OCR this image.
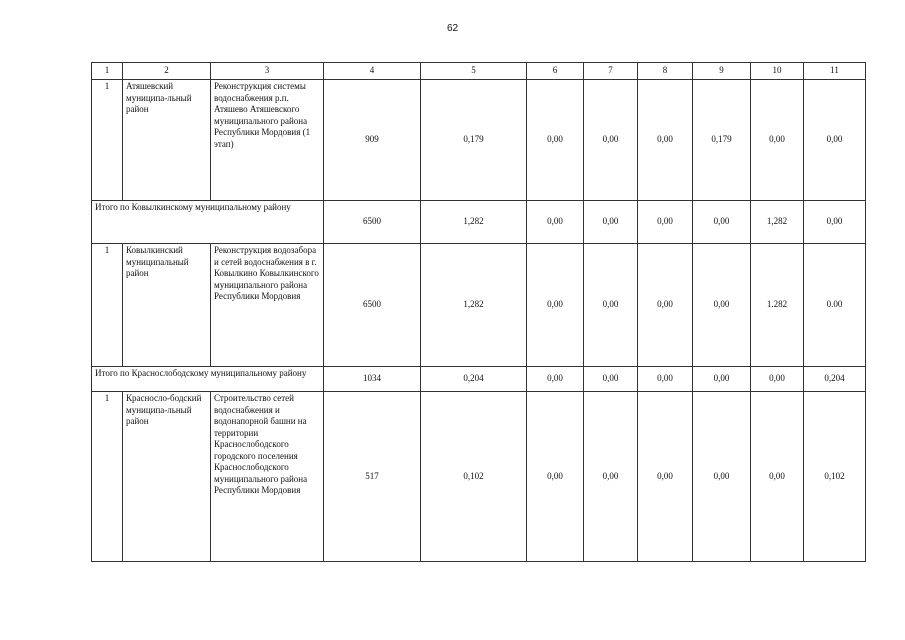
62
1	2	3	4	5	6	7	8	9	10	11
1	Атяшевский муниципа-льный район	Реконструкция системы водоснабжения р.п. Атяшево Атяшевского муниципального района Республики Мордовия (1 этап)	909	0,179	0,00	0,00	0,00	0,179	0,00	0,00
Итого по Ковылкинскому муниципальному району			6500	1,282	0,00	0,00	0,00	0,00	1,282	0,00
1	Ковылкинский муниципальный район	Реконструкция водозабора и сетей водоснабжения в г. Ковылкино Ковылкинского муниципального района Республики Мордовия	6500	1,282	0,00	0,00	0,00	0,00	1.282	0.00
Итого по Краснослободскому муниципальному району			1034	0,204	0,00	0,00	0,00	0,00	0,00	0,204
1	Красносло-бодский муниципа-льный район	Строительство сетей водоснабжения и водонапорной башни на территории Краснослободского городского поселения Краснослободского муниципального района Республики Мордовия	517	0,102	0,00	0,00	0,00	0,00	0,00	0,102
